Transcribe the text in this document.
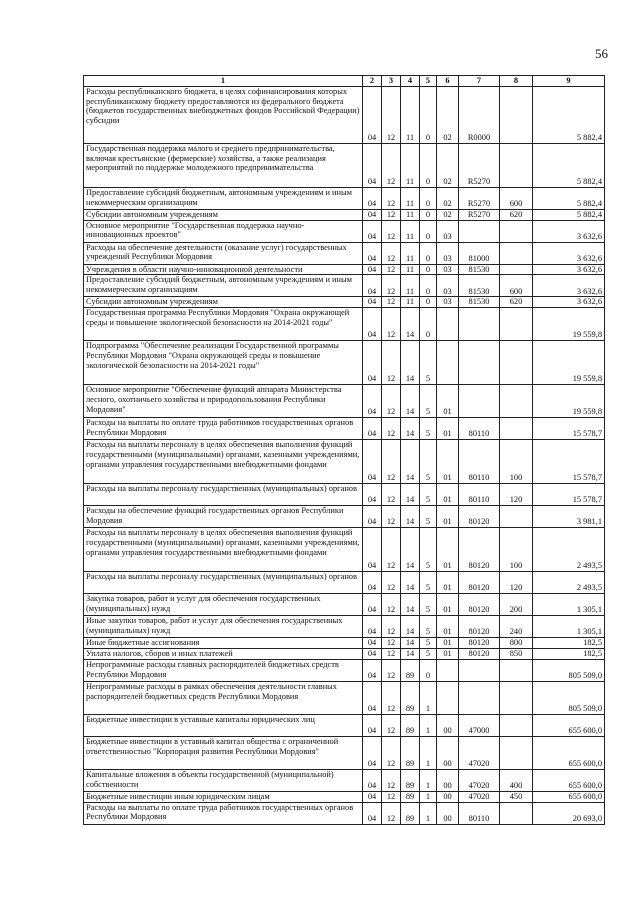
56
1	2	3	4	5	6	7	8	9
Расходы республиканского бюджета, в целях софинансирования которых республиканскому бюджету предоставляются из федерального бюджета (бюджетов государственных внебюджетных фондов Российской Федерации) субсидии	04	12	11	0	02	R0000		5 882,4
Государственная поддержка малого и среднего предпринимательства, включая крестьянские (фермерские) хозяйства, а также реализация мероприятий по поддержке молодежного предпринимательства	04	12	11	0	02	R5270		5 882,4
Предоставление субсидий бюджетным, автономным учреждениям и иным некоммерческим организациям	04	12	11	0	02	R5270	600	5 882,4
Субсидии автономным учреждениям	04	12	11	0	02	R5270	620	5 882,4
Основное мероприятие "Государственная поддержка научно-инновационных проектов"	04	12	11	0	03			3 632,6
Расходы на обеспечение деятельности (оказание услуг) государственных учреждений Республики Мордовия	04	12	11	0	03	81000		3 632,6
Учреждения в области научно-инновационной деятельности	04	12	11	0	03	81530		3 632,6
Предоставление субсидий бюджетным, автономным учреждениям и иным некоммерческим организациям	04	12	11	0	03	81530	600	3 632,6
Субсидии автономным учреждениям	04	12	11	0	03	81530	620	3 632,6
Государственная программа Республики Мордовия "Охрана окружающей среды и повышение экологической безопасности на 2014-2021 годы"	04	12	14	0				19 559,8
Подпрограмма "Обеспечение реализации Государственной программы Республики Мордовия "Охрана окружающей среды и повышение экологической безопасности на 2014-2021 годы"	04	12	14	5				19 559,8
Основное мероприятие "Обеспечение функций аппарата Министерства лесного, охотничьего хозяйства и природопользования Республики Мордовия"	04	12	14	5	01			19 559,8
Расходы на выплаты по оплате труда работников государственных органов Республики Мордовия	04	12	14	5	01	80110		15 578,7
Расходы на выплаты персоналу в целях обеспечения выполнения функций государственными (муниципальными) органами, казенными учреждениями, органами управления государственными внебюджетными фондами	04	12	14	5	01	80110	100	15 578,7
Расходы на выплаты персоналу государственных (муниципальных) органов	04	12	14	5	01	80110	120	15 578,7
Расходы на обеспечение функций государственных органов Республики Мордовия	04	12	14	5	01	80120		3 981,1
Расходы на выплаты персоналу в целях обеспечения выполнения функций государственными (муниципальными) органами, казенными учреждениями, органами управления государственными внебюджетными фондами	04	12	14	5	01	80120	100	2 493,5
Расходы на выплаты персоналу государственных (муниципальных) органов	04	12	14	5	01	80120	120	2 493,5
Закупка товаров, работ и услуг для обеспечения государственных (муниципальных) нужд	04	12	14	5	01	80120	200	1 305,1
Иные закупки товаров, работ и услуг для обеспечения государственных (муниципальных) нужд	04	12	14	5	01	80120	240	1 305,1
Иные бюджетные ассигнования	04	12	14	5	01	80120	800	182,5
Уплата налогов, сборов и иных платежей	04	12	14	5	01	80120	850	182,5
Непрограммные расходы главных распорядителей бюджетных средств Республики Мордовия	04	12	89	0				805 509,0
Непрограммные расходы в рамках обеспечения деятельности главных распорядителей бюджетных средств Республики Мордовия	04	12	89	1				805 509,0
Бюджетные инвестиции в уставные капиталы юридических лиц	04	12	89	1	00	47000		655 600,0
Бюджетные инвестиции в уставный капитал общества с ограниченной ответственностью "Корпорация развития Республики Мордовия"	04	12	89	1	00	47020		655 600,0
Капитальные вложения в объекты государственной (муниципальной) собственности	04	12	89	1	00	47020	400	655 600,0
Бюджетные инвестиции иным юридическим лицам	04	12	89	1	00	47020	450	655 600,0
Расходы на выплаты по оплате труда работников государственных органов Республики Мордовия	04	12	89	1	00	80110		20 693,0
